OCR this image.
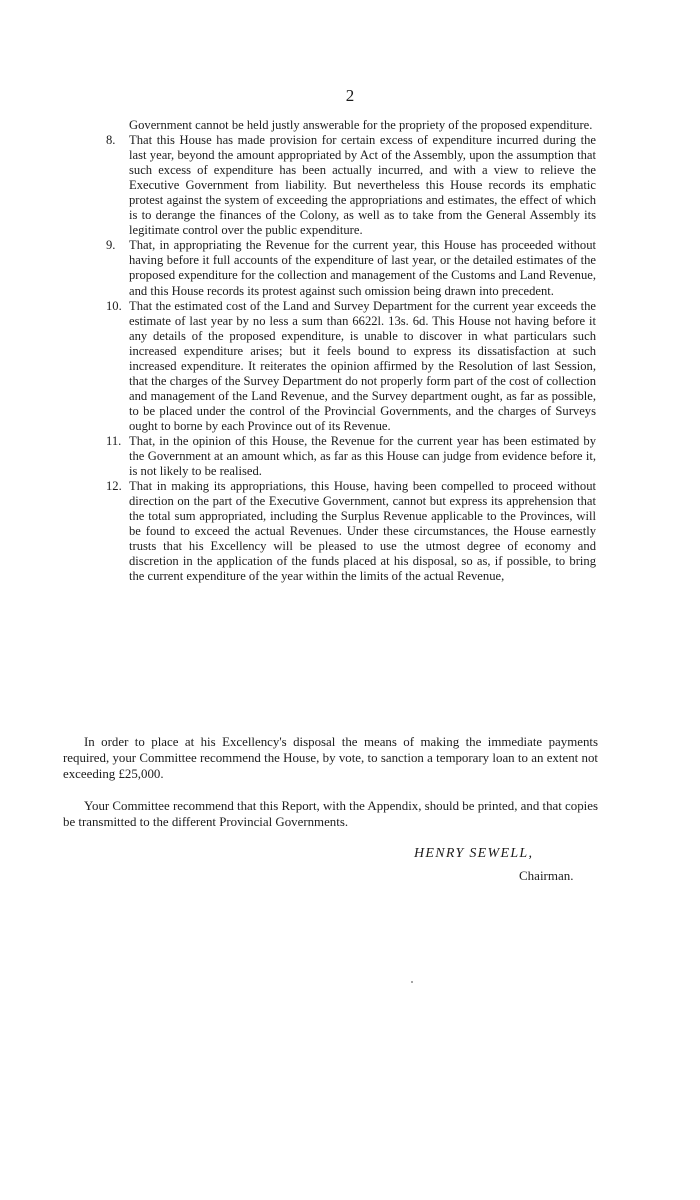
2
Government cannot be held justly answerable for the propriety of the proposed expenditure.
8. That this House has made provision for certain excess of expenditure incurred during the last year, beyond the amount appropriated by Act of the Assembly, upon the assumption that such excess of expenditure has been actually incurred, and with a view to relieve the Executive Government from liability. But nevertheless this House records its emphatic protest against the system of exceeding the appropriations and estimates, the effect of which is to derange the finances of the Colony, as well as to take from the General Assembly its legitimate control over the public expenditure.
9. That, in appropriating the Revenue for the current year, this House has proceeded without having before it full accounts of the expenditure of last year, or the detailed estimates of the proposed expenditure for the collection and management of the Customs and Land Revenue, and this House records its protest against such omission being drawn into precedent.
10. That the estimated cost of the Land and Survey Department for the current year exceeds the estimate of last year by no less a sum than 6622l. 13s. 6d. This House not having before it any details of the proposed expenditure, is unable to discover in what particulars such increased expenditure arises; but it feels bound to express its dissatisfaction at such increased expenditure. It reiterates the opinion affirmed by the Resolution of last Session, that the charges of the Survey Department do not properly form part of the cost of collection and management of the Land Revenue, and the Survey department ought, as far as possible, to be placed under the control of the Provincial Governments, and the charges of Surveys ought to borne by each Province out of its Revenue.
11. That, in the opinion of this House, the Revenue for the current year has been estimated by the Government at an amount which, as far as this House can judge from evidence before it, is not likely to be realised.
12. That in making its appropriations, this House, having been compelled to proceed without direction on the part of the Executive Government, cannot but express its apprehension that the total sum appropriated, including the Surplus Revenue applicable to the Provinces, will be found to exceed the actual Revenues. Under these circumstances, the House earnestly trusts that his Excellency will be pleased to use the utmost degree of economy and discretion in the application of the funds placed at his disposal, so as, if possible, to bring the current expenditure of the year within the limits of the actual Revenue,

In order to place at his Excellency's disposal the means of making the immediate payments required, your Committee recommend the House, by vote, to sanction a temporary loan to an extent not exceeding £25,000.

Your Committee recommend that this Report, with the Appendix, should be printed, and that copies be transmitted to the different Provincial Governments.

HENRY SEWELL,
Chairman.
